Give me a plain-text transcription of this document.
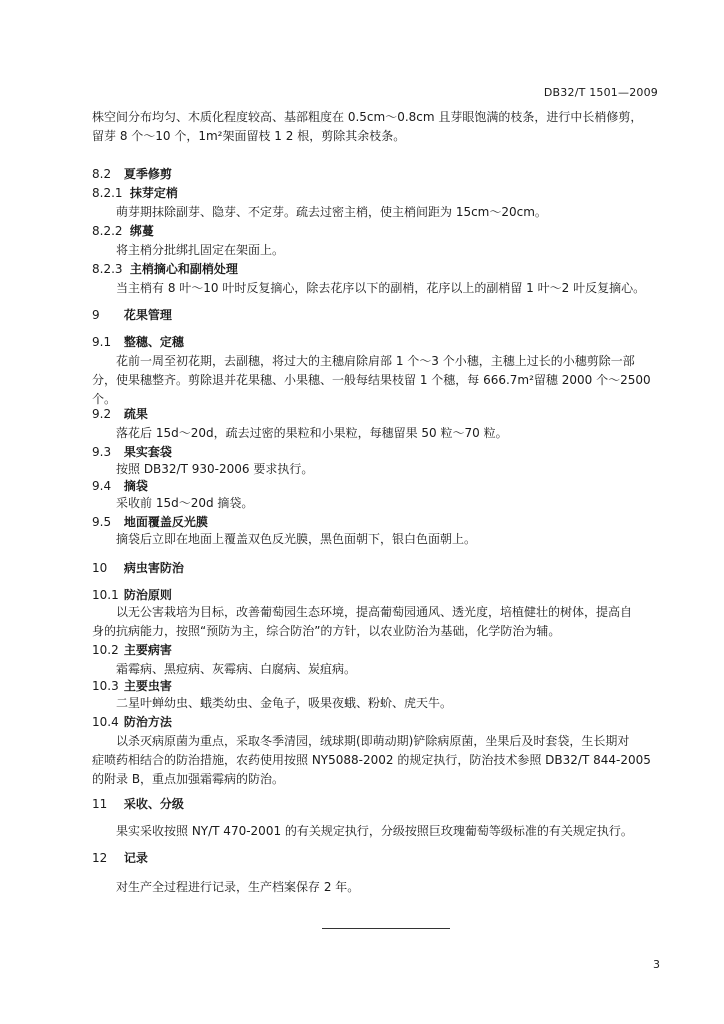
DB32/T 1501—2009
株空间分布均匀、木质化程度较高、基部粗度在 0.5cm～0.8cm 且芽眼饱满的枝条，进行中长梢修剪，
留芽 8 个～10 个，1m²架面留枝 1 2 根，剪除其余枝条。
8.2 夏季修剪
8.2.1 抹芽定梢
萌芽期抹除副芽、隐芽、不定芽。疏去过密主梢，使主梢间距为 15cm～20cm。
8.2.2 绑蔓
将主梢分批绑扎固定在架面上。
8.2.3 主梢摘心和副梢处理
当主梢有 8 叶～10 叶时反复摘心，除去花序以下的副梢，花序以上的副梢留 1 叶～2 叶反复摘心。
9 花果管理
9.1 整穗、定穗
花前一周至初花期，去副穗，将过大的主穗肩除肩部 1 个～3 个小穗，主穗上过长的小穗剪除一部
分，使果穗整齐。剪除退并花果穗、小果穗、一般每结果枝留 1 个穗，每 666.7m²留穗 2000 个～2500
个。
9.2 疏果
落花后 15d～20d，疏去过密的果粒和小果粒，每穗留果 50 粒～70 粒。
9.3 果实套袋
按照 DB32/T 930-2006 要求执行。
9.4 摘袋
采收前 15d～20d 摘袋。
9.5 地面覆盖反光膜
摘袋后立即在地面上覆盖双色反光膜，黑色面朝下，银白色面朝上。
10 病虫害防治
10.1 防治原则
以无公害栽培为目标，改善葡萄园生态环境，提高葡萄园通风、透光度，培植健壮的树体，提高自
身的抗病能力，按照“预防为主，综合防治”的方针，以农业防治为基础，化学防治为辅。
10.2 主要病害
霜霉病、黑痘病、灰霉病、白腐病、炭疽病。
10.3 主要虫害
二星叶蝉幼虫、蛾类幼虫、金龟子，吸果夜蛾、粉蚧、虎天牛。
10.4 防治方法
以杀灭病原菌为重点，采取冬季清园，绒球期(即萌动期)铲除病原菌，坐果后及时套袋，生长期对
症喷药相结合的防治措施，农药使用按照 NY5088-2002 的规定执行，防治技术参照 DB32/T 844-2005
的附录 B，重点加强霜霉病的防治。
11 采收、分级
果实采收按照 NY/T 470-2001 的有关规定执行，分级按照巨玫瑰葡萄等级标准的有关规定执行。
12 记录
对生产全过程进行记录，生产档案保存 2 年。
3
